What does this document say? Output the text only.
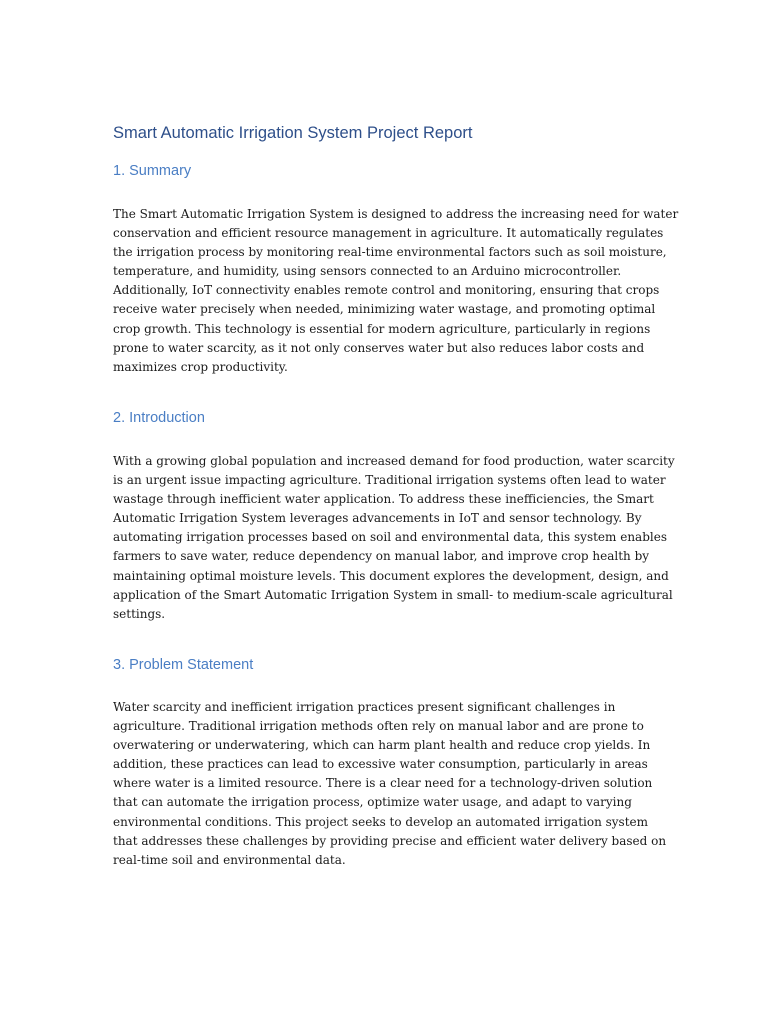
Smart Automatic Irrigation System Project Report
1. Summary
The Smart Automatic Irrigation System is designed to address the increasing need for water
conservation and efficient resource management in agriculture. It automatically regulates
the irrigation process by monitoring real-time environmental factors such as soil moisture,
temperature, and humidity, using sensors connected to an Arduino microcontroller.
Additionally, IoT connectivity enables remote control and monitoring, ensuring that crops
receive water precisely when needed, minimizing water wastage, and promoting optimal
crop growth. This technology is essential for modern agriculture, particularly in regions
prone to water scarcity, as it not only conserves water but also reduces labor costs and
maximizes crop productivity.
2. Introduction
With a growing global population and increased demand for food production, water scarcity
is an urgent issue impacting agriculture. Traditional irrigation systems often lead to water
wastage through inefficient water application. To address these inefficiencies, the Smart
Automatic Irrigation System leverages advancements in IoT and sensor technology. By
automating irrigation processes based on soil and environmental data, this system enables
farmers to save water, reduce dependency on manual labor, and improve crop health by
maintaining optimal moisture levels. This document explores the development, design, and
application of the Smart Automatic Irrigation System in small- to medium-scale agricultural
settings.
3. Problem Statement
Water scarcity and inefficient irrigation practices present significant challenges in
agriculture. Traditional irrigation methods often rely on manual labor and are prone to
overwatering or underwatering, which can harm plant health and reduce crop yields. In
addition, these practices can lead to excessive water consumption, particularly in areas
where water is a limited resource. There is a clear need for a technology-driven solution
that can automate the irrigation process, optimize water usage, and adapt to varying
environmental conditions. This project seeks to develop an automated irrigation system
that addresses these challenges by providing precise and efficient water delivery based on
real-time soil and environmental data.
